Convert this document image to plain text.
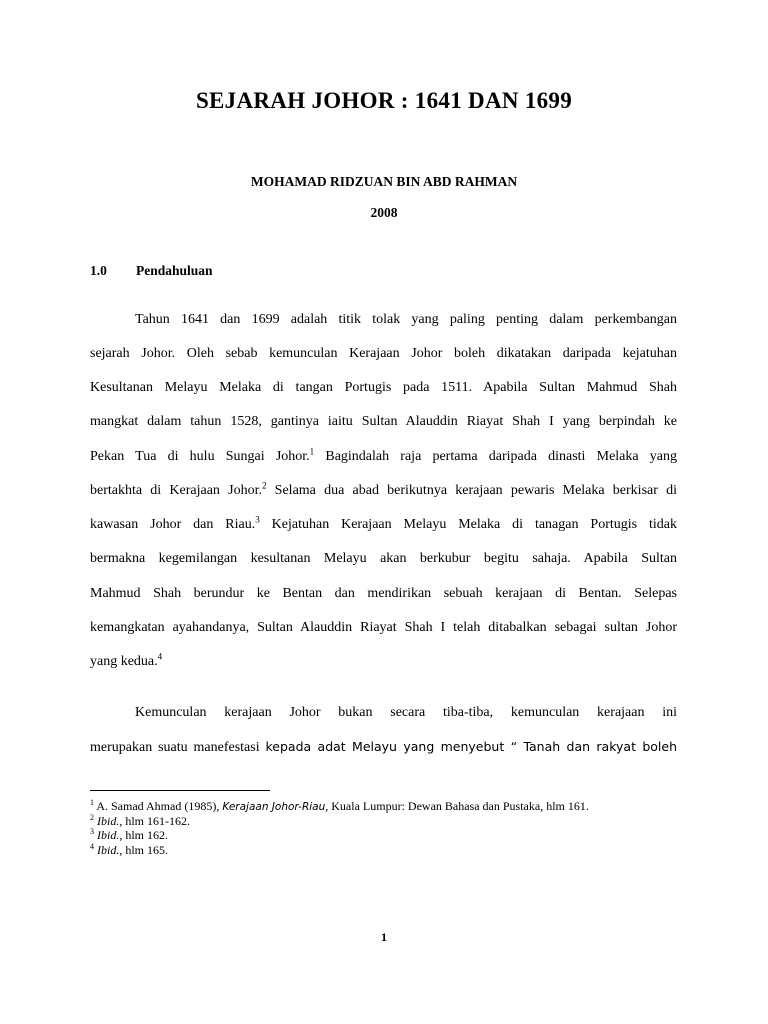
SEJARAH JOHOR : 1641 DAN 1699
MOHAMAD RIDZUAN BIN ABD RAHMAN
2008
1.0 Pendahuluan
Tahun 1641 dan 1699 adalah titik tolak yang paling penting dalam perkembangan
sejarah Johor. Oleh sebab kemunculan Kerajaan Johor boleh dikatakan daripada kejatuhan
Kesultanan Melayu Melaka di tangan Portugis pada 1511. Apabila Sultan Mahmud Shah
mangkat dalam tahun 1528, gantinya iaitu Sultan Alauddin Riayat Shah I yang berpindah ke
Pekan Tua di hulu Sungai Johor.$^1$ Bagindalah raja pertama daripada dinasti Melaka yang
bertakhta di Kerajaan Johor.$^2$ Selama dua abad berikutnya kerajaan pewaris Melaka berkisar di
kawasan Johor dan Riau.$^3$ Kejatuhan Kerajaan Melayu Melaka di tanagan Portugis tidak
bermakna kegemilangan kesultanan Melayu akan berkubur begitu sahaja. Apabila Sultan
Mahmud Shah berundur ke Bentan dan mendirikan sebuah kerajaan di Bentan. Selepas
kemangkatan ayahandanya, Sultan Alauddin Riayat Shah I telah ditabalkan sebagai sultan Johor
yang kedua.$^4$
Kemunculan kerajaan Johor bukan secara tiba-tiba, kemunculan kerajaan ini
merupakan suatu manefestasi kepada adat Melayu yang menyebut “ Tanah dan rakyat boleh
$^1$ A. Samad Ahmad (1985), Kerajaan Johor-Riau, Kuala Lumpur: Dewan Bahasa dan Pustaka, hlm 161.
$^2$ Ibid., hlm 161-162.
$^3$ Ibid., hlm 162.
$^4$ Ibid., hlm 165.
1
